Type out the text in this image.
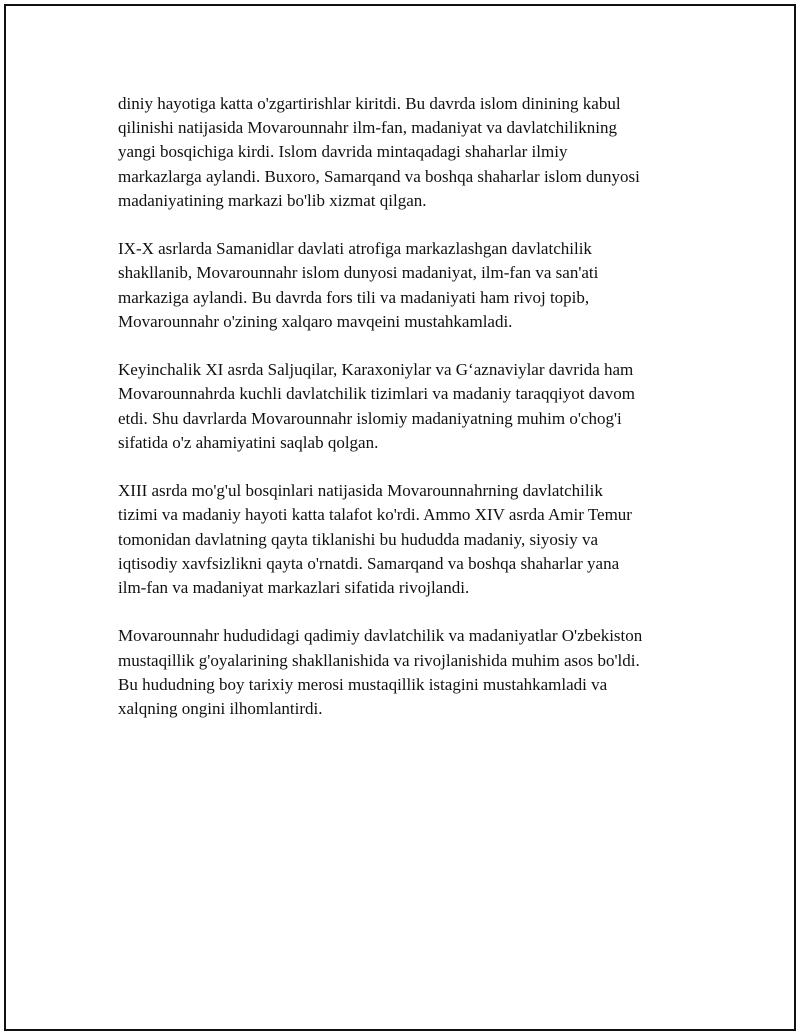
diniy hayotiga katta o'zgartirishlar kiritdi. Bu davrda islom dinining kabul
qilinishi natijasida Movarounnahr ilm-fan, madaniyat va davlatchilikning
yangi bosqichiga kirdi. Islom davrida mintaqadagi shaharlar ilmiy
markazlarga aylandi. Buxoro, Samarqand va boshqa shaharlar islom dunyosi
madaniyatining markazi bo'lib xizmat qilgan.

IX-X asrlarda Samanidlar davlati atrofiga markazlashgan davlatchilik
shakllanib, Movarounnahr islom dunyosi madaniyat, ilm-fan va san'ati
markaziga aylandi. Bu davrda fors tili va madaniyati ham rivoj topib,
Movarounnahr o'zining xalqaro mavqeini mustahkamladi.

Keyinchalik XI asrda Saljuqilar, Karaxoniylar va G‘aznaviylar davrida ham
Movarounnahrda kuchli davlatchilik tizimlari va madaniy taraqqiyot davom
etdi. Shu davrlarda Movarounnahr islomiy madaniyatning muhim o'chog'i
sifatida o'z ahamiyatini saqlab qolgan.

XIII asrda mo'g'ul bosqinlari natijasida Movarounnahrning davlatchilik
tizimi va madaniy hayoti katta talafot ko'rdi. Ammo XIV asrda Amir Temur
tomonidan davlatning qayta tiklanishi bu hududda madaniy, siyosiy va
iqtisodiy xavfsizlikni qayta o'rnatdi. Samarqand va boshqa shaharlar yana
ilm-fan va madaniyat markazlari sifatida rivojlandi.

Movarounnahr hududidagi qadimiy davlatchilik va madaniyatlar O'zbekiston
mustaqillik g'oyalarining shakllanishida va rivojlanishida muhim asos bo'ldi.
Bu hududning boy tarixiy merosi mustaqillik istagini mustahkamladi va
xalqning ongini ilhomlantirdi.
